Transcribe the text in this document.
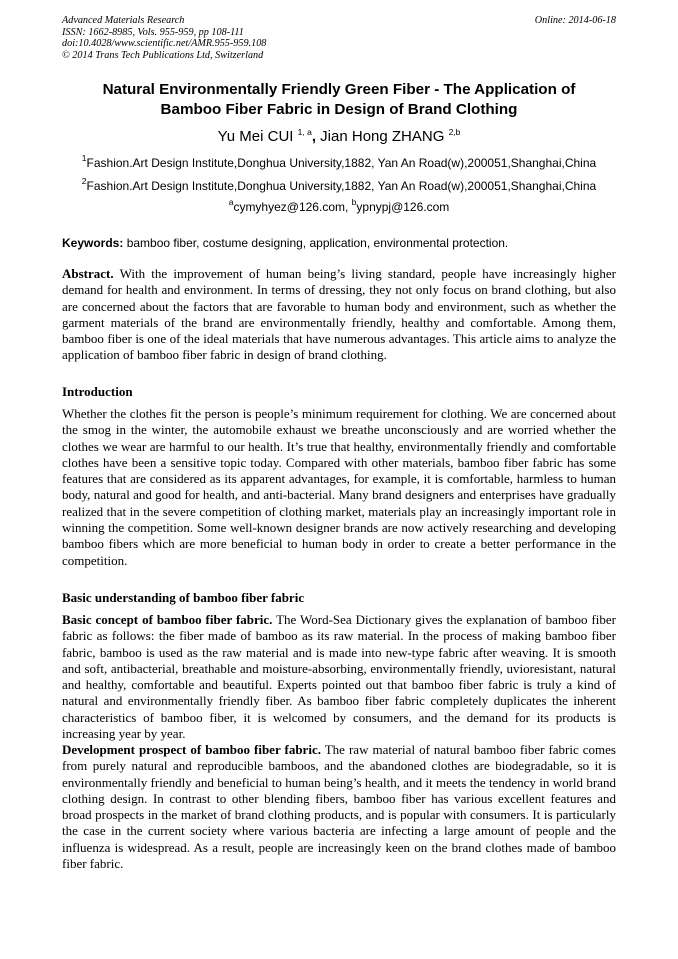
Advanced Materials Research
ISSN: 1662-8985, Vols. 955-959, pp 108-111
doi:10.4028/www.scientific.net/AMR.955-959.108
© 2014 Trans Tech Publications Ltd, Switzerland
Online: 2014-06-18
Natural Environmentally Friendly Green Fiber - The Application of
Bamboo Fiber Fabric in Design of Brand Clothing
Yu Mei CUI $^{1, a}$, Jian Hong ZHANG $^{2,b}$
$^1$Fashion.Art Design Institute,Donghua University,1882, Yan An Road(w),200051,Shanghai,China
$^2$Fashion.Art Design Institute,Donghua University,1882, Yan An Road(w),200051,Shanghai,China
$^a$cymyhyez@126.com, $^b$ypnypj@126.com
Keywords: bamboo fiber, costume designing, application, environmental protection.
Abstract. With the improvement of human being’s living standard, people have increasingly higher demand for health and environment. In terms of dressing, they not only focus on brand clothing, but also are concerned about the factors that are favorable to human body and environment, such as whether the garment materials of the brand are environmentally friendly, healthy and comfortable. Among them, bamboo fiber is one of the ideal materials that have numerous advantages. This article aims to analyze the application of bamboo fiber fabric in design of brand clothing.
Introduction
Whether the clothes fit the person is people’s minimum requirement for clothing. We are concerned about the smog in the winter, the automobile exhaust we breathe unconsciously and are worried whether the clothes we wear are harmful to our health. It’s true that healthy, environmentally friendly and comfortable clothes have been a sensitive topic today. Compared with other materials, bamboo fiber fabric has some features that are considered as its apparent advantages, for example, it is comfortable, harmless to human body, natural and good for health, and anti-bacterial. Many brand designers and enterprises have gradually realized that in the severe competition of clothing market, materials play an increasingly important role in winning the competition. Some well-known designer brands are now actively researching and developing bamboo fibers which are more beneficial to human body in order to create a better performance in the competition.
Basic understanding of bamboo fiber fabric
Basic concept of bamboo fiber fabric. The Word-Sea Dictionary gives the explanation of bamboo fiber fabric as follows: the fiber made of bamboo as its raw material. In the process of making bamboo fiber fabric, bamboo is used as the raw material and is made into new-type fabric after weaving. It is smooth and soft, antibacterial, breathable and moisture-absorbing, environmentally friendly, uvioresistant, natural and healthy, comfortable and beautiful. Experts pointed out that bamboo fiber fabric is truly a kind of natural and environmentally friendly fiber. As bamboo fiber fabric completely duplicates the inherent characteristics of bamboo fiber, it is welcomed by consumers, and the demand for its products is increasing year by year.
Development prospect of bamboo fiber fabric. The raw material of natural bamboo fiber fabric comes from purely natural and reproducible bamboos, and the abandoned clothes are biodegradable, so it is environmentally friendly and beneficial to human being’s health, and it meets the tendency in world brand clothing design. In contrast to other blending fibers, bamboo fiber has various excellent features and broad prospects in the market of brand clothing products, and is popular with consumers. It is particularly the case in the current society where various bacteria are infecting a large amount of people and the influenza is widespread. As a result, people are increasingly keen on the brand clothes made of bamboo fiber fabric.
